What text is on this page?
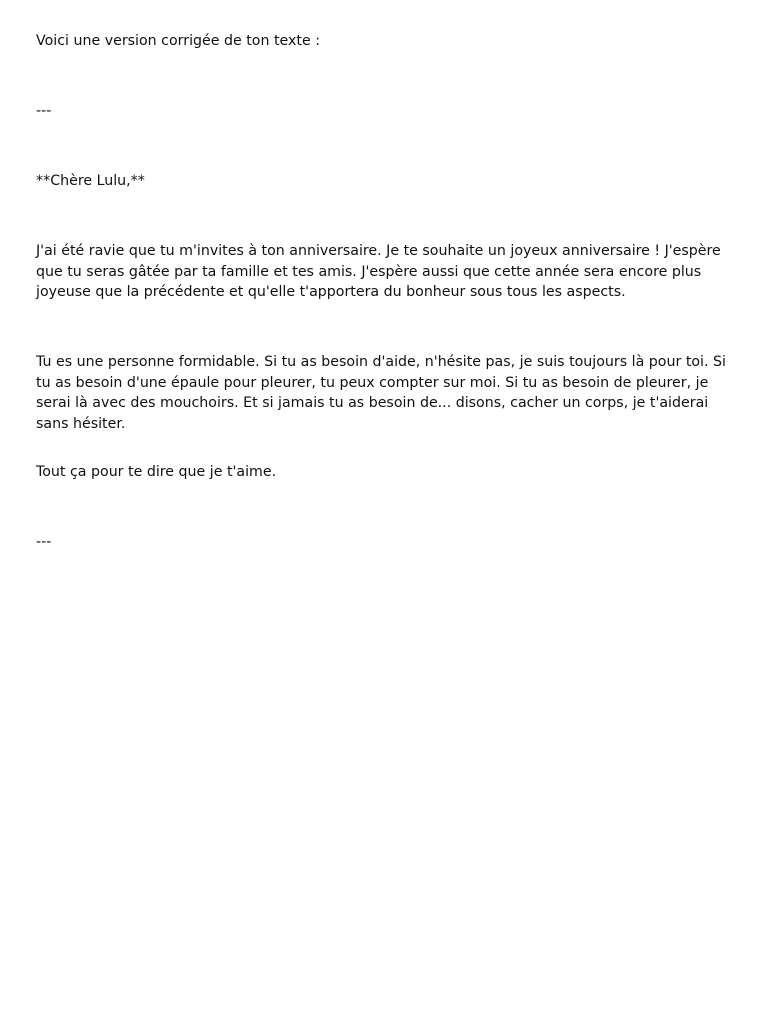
Voici une version corrigée de ton texte :

---

**Chère Lulu,**

J'ai été ravie que tu m'invites à ton anniversaire. Je te souhaite un joyeux anniversaire ! J'espère que tu seras gâtée par ta famille et tes amis. J'espère aussi que cette année sera encore plus joyeuse que la précédente et qu'elle t'apportera du bonheur sous tous les aspects.

Tu es une personne formidable. Si tu as besoin d'aide, n'hésite pas, je suis toujours là pour toi. Si tu as besoin d'une épaule pour pleurer, tu peux compter sur moi. Si tu as besoin de pleurer, je serai là avec des mouchoirs. Et si jamais tu as besoin de... disons, cacher un corps, je t'aiderai sans hésiter.

Tout ça pour te dire que je t'aime.

---
